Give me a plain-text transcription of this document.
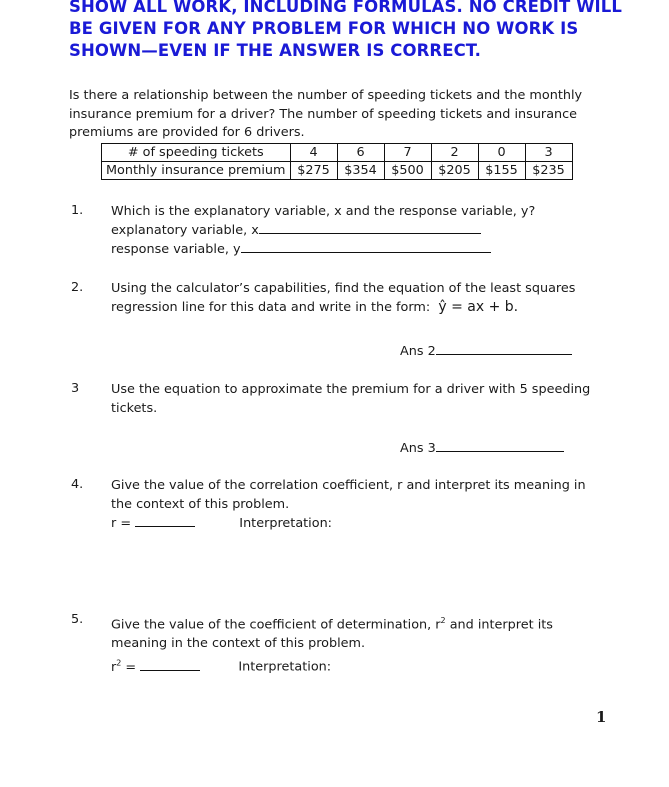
SHOW ALL WORK, INCLUDING FORMULAS. NO CREDIT WILL
BE GIVEN FOR ANY PROBLEM FOR WHICH NO WORK IS
SHOWN—EVEN IF THE ANSWER IS CORRECT.
Is there a relationship between the number of speeding tickets and the monthly
insurance premium for a driver? The number of speeding tickets and insurance
premiums are provided for 6 drivers.
# of speeding tickets	4	6	7	2	0	3
Monthly insurance premium	$275	$354	$500	$205	$155	$235
1. Which is the explanatory variable, x and the response variable, y?
explanatory variable, x
response variable, y
2. Using the calculator’s capabilities, find the equation of the least squares
regression line for this data and write in the form: ŷ = ax + b.
Ans 2
3 Use the equation to approximate the premium for a driver with 5 speeding
tickets.
Ans 3
4. Give the value of the correlation coefficient, r and interpret its meaning in
the context of this problem.
r =	Interpretation:
5. Give the value of the coefficient of determination, $r^2$ and interpret its
meaning in the context of this problem.
$r^2$ =	Interpretation:
1
